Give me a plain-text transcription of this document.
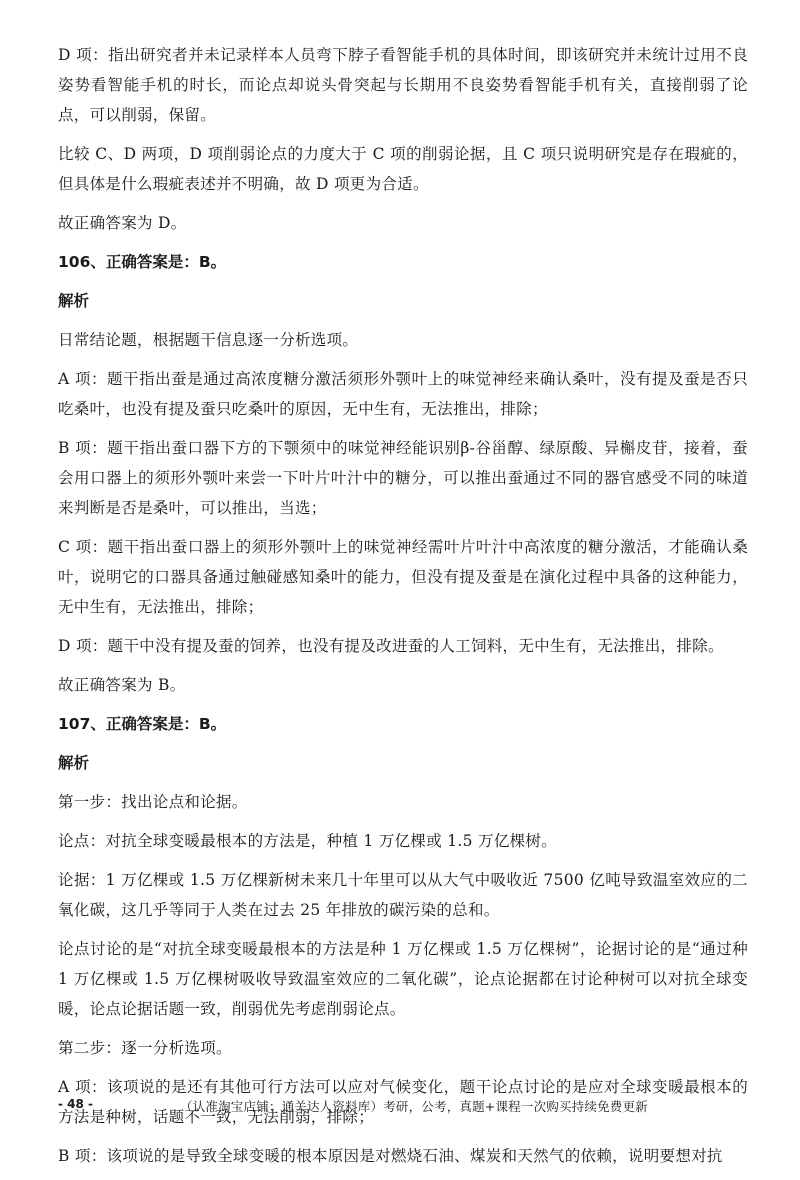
D 项：指出研究者并未记录样本人员弯下脖子看智能手机的具体时间，即该研究并未统计过用不良姿势看智能手机的时长，而论点却说头骨突起与长期用不良姿势看智能手机有关，直接削弱了论点，可以削弱，保留。

比较 C、D 两项，D 项削弱论点的力度大于 C 项的削弱论据，且 C 项只说明研究是存在瑕疵的，但具体是什么瑕疵表述并不明确，故 D 项更为合适。

故正确答案为 D。

106、正确答案是：B。

解析

日常结论题，根据题干信息逐一分析选项。

A 项：题干指出蚕是通过高浓度糖分激活须形外颚叶上的味觉神经来确认桑叶，没有提及蚕是否只吃桑叶，也没有提及蚕只吃桑叶的原因，无中生有，无法推出，排除；

B 项：题干指出蚕口器下方的下颚须中的味觉神经能识别β-谷甾醇、绿原酸、异槲皮苷，接着，蚕会用口器上的须形外颚叶来尝一下叶片叶汁中的糖分，可以推出蚕通过不同的器官感受不同的味道来判断是否是桑叶，可以推出，当选；

C 项：题干指出蚕口器上的须形外颚叶上的味觉神经需叶片叶汁中高浓度的糖分激活，才能确认桑叶，说明它的口器具备通过触碰感知桑叶的能力，但没有提及蚕是在演化过程中具备的这种能力，无中生有，无法推出，排除；

D 项：题干中没有提及蚕的饲养，也没有提及改进蚕的人工饲料，无中生有，无法推出，排除。

故正确答案为 B。

107、正确答案是：B。

解析

第一步：找出论点和论据。

论点：对抗全球变暖最根本的方法是，种植 1 万亿棵或 1.5 万亿棵树。

论据：1 万亿棵或 1.5 万亿棵新树未来几十年里可以从大气中吸收近 7500 亿吨导致温室效应的二氧化碳，这几乎等同于人类在过去 25 年排放的碳污染的总和。

论点讨论的是“对抗全球变暖最根本的方法是种 1 万亿棵或 1.5 万亿棵树”，论据讨论的是“通过种 1 万亿棵或 1.5 万亿棵树吸收导致温室效应的二氧化碳”，论点论据都在讨论种树可以对抗全球变暖，论点论据话题一致，削弱优先考虑削弱论点。

第二步：逐一分析选项。

A 项：该项说的是还有其他可行方法可以应对气候变化，题干论点讨论的是应对全球变暖最根本的方法是种树，话题不一致，无法削弱，排除；

B 项：该项说的是导致全球变暖的根本原因是对燃烧石油、煤炭和天然气的依赖，说明要想对抗

- 48 -	（认准淘宝店铺：通关达人资料库）考研，公考，真题+课程一次购买持续免费更新
